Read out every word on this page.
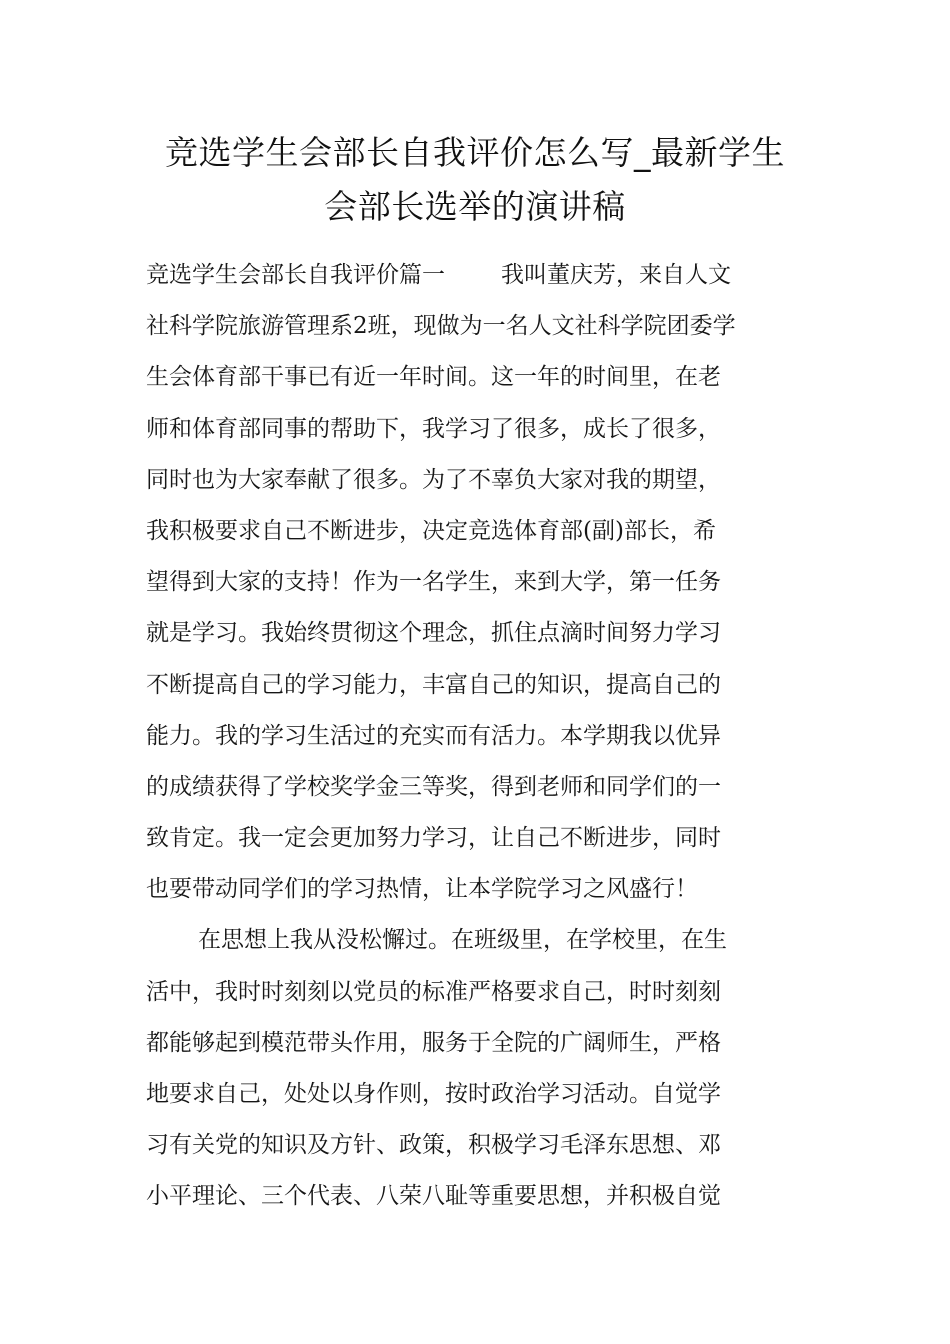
竞选学生会部长自我评价怎么写_最新学生
会部长选举的演讲稿
竞选学生会部长自我评价篇一 我叫董庆芳，来自人文
社科学院旅游管理系2班，现做为一名人文社科学院团委学
生会体育部干事已有近一年时间。这一年的时间里，在老
师和体育部同事的帮助下，我学习了很多，成长了很多，
同时也为大家奉献了很多。为了不辜负大家对我的期望，
我积极要求自己不断进步，决定竞选体育部(副)部长，希
望得到大家的支持！作为一名学生，来到大学，第一任务
就是学习。我始终贯彻这个理念，抓住点滴时间努力学习
不断提高自己的学习能力，丰富自己的知识，提高自己的
能力。我的学习生活过的充实而有活力。本学期我以优异
的成绩获得了学校奖学金三等奖，得到老师和同学们的一
致肯定。我一定会更加努力学习，让自己不断进步，同时
也要带动同学们的学习热情，让本学院学习之风盛行！
在思想上我从没松懈过。在班级里，在学校里，在生
活中，我时时刻刻以党员的标准严格要求自己，时时刻刻
都能够起到模范带头作用，服务于全院的广阔师生，严格
地要求自己，处处以身作则，按时政治学习活动。自觉学
习有关党的知识及方针、政策，积极学习毛泽东思想、邓
小平理论、三个代表、八荣八耻等重要思想，并积极自觉
